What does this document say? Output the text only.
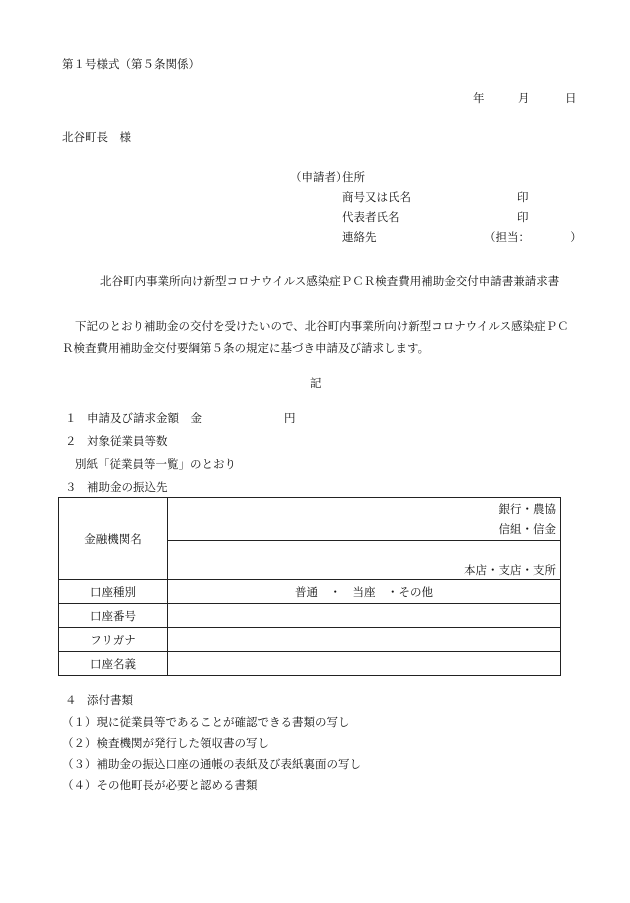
第１号様式（第５条関係）
年	月	日
北谷町長　様
（申請者）
住所
商号又は氏名	印
代表者氏名	印
連絡先	（担当：　　　　）
北谷町内事業所向け新型コロナウイルス感染症ＰＣＲ検査費用補助金交付申請書兼請求書
下記のとおり補助金の交付を受けたいので、北谷町内事業所向け新型コロナウイルス感染症ＰＣ
Ｒ検査費用補助金交付要綱第５条の規定に基づき申請及び請求します。
記
１ 申請及び請求金額　金	円
２ 対象従業員等数
別紙「従業員等一覧」のとおり
３ 補助金の振込先
金融機関名	銀行・農協
信組・信金
本店・支店・支所

口座種別	普通　・　当座　・その他
口座番号	
フリガナ	
口座名義	
４ 添付書類
（１）現に従業員等であることが確認できる書類の写し
（２）検査機関が発行した領収書の写し
（３）補助金の振込口座の通帳の表紙及び表紙裏面の写し
（４）その他町長が必要と認める書類
